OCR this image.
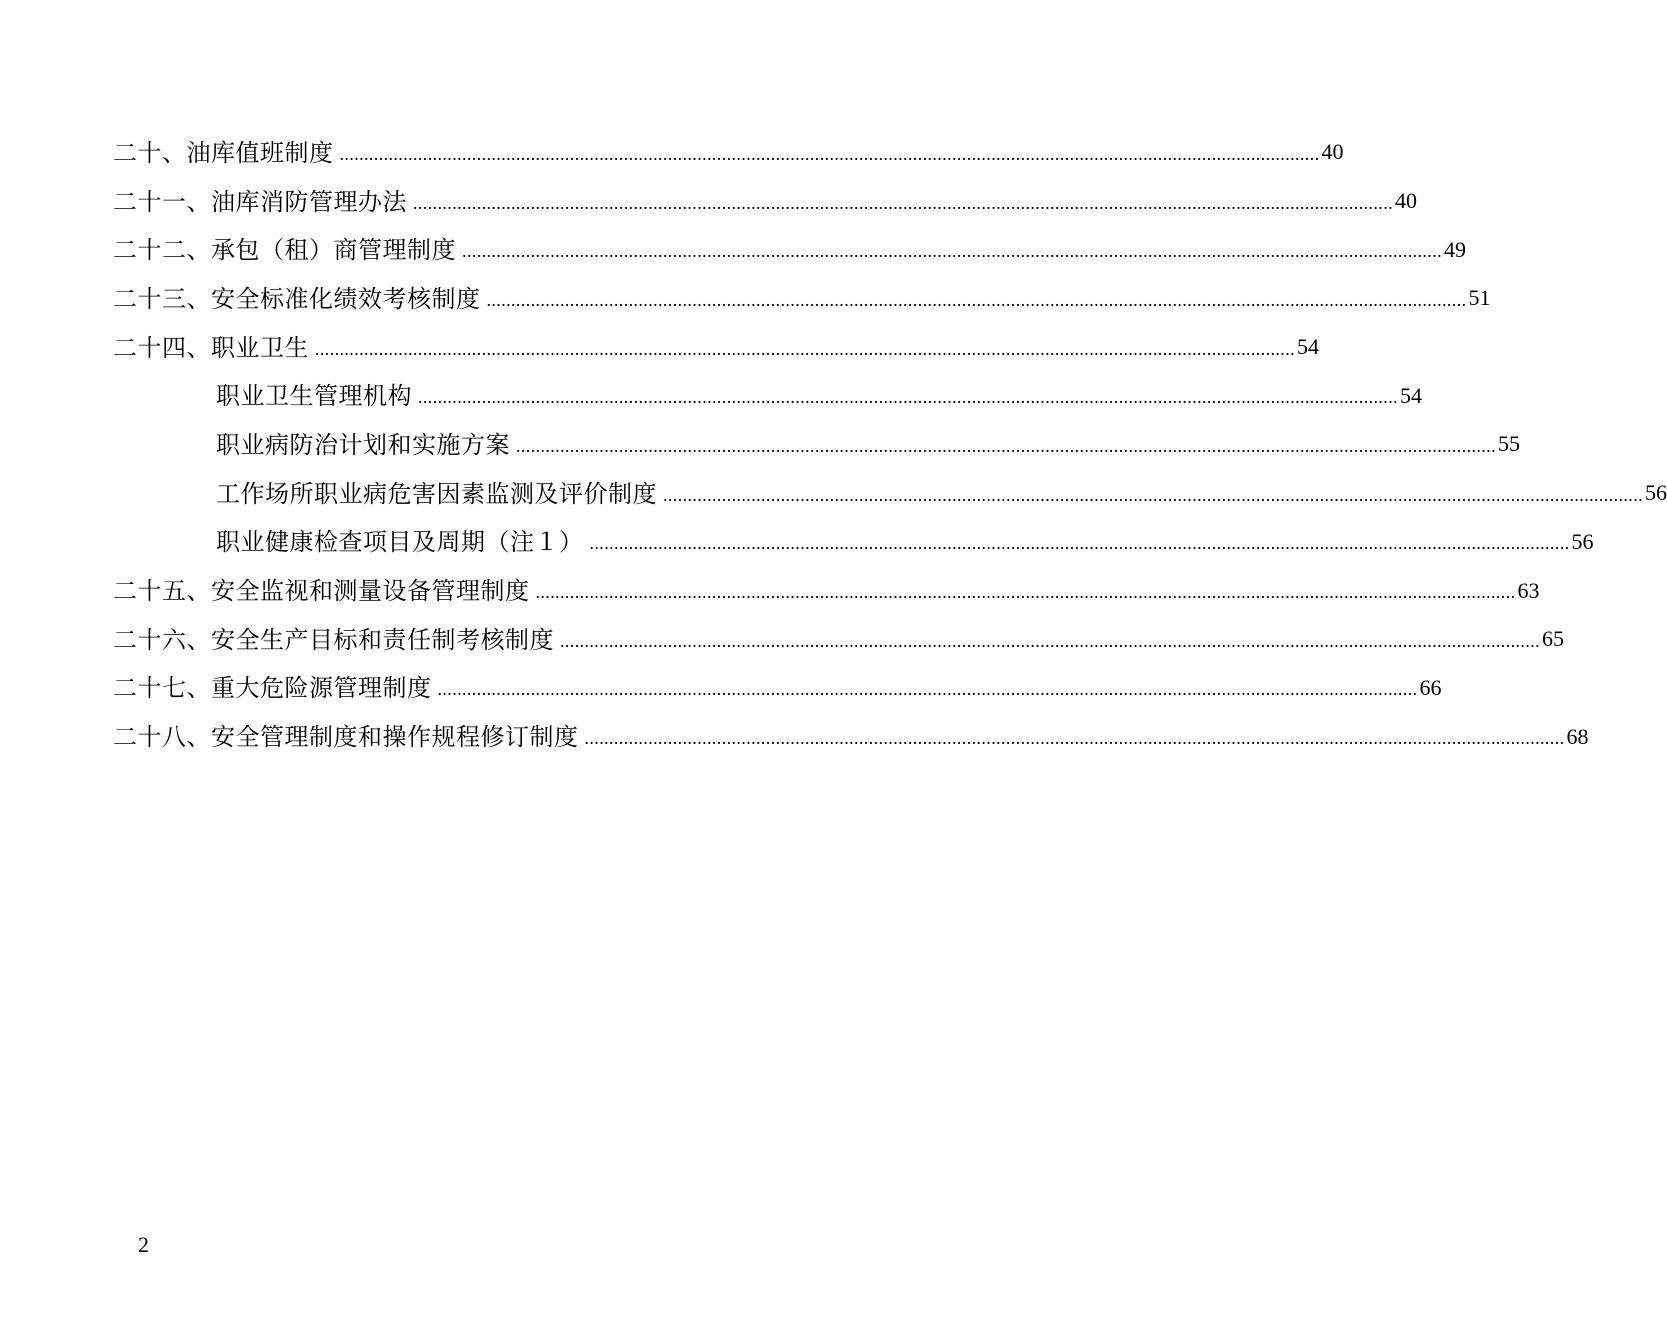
二十、油库值班制度 ........................................................................................................................................................................................................ 40
二十一、油库消防管理办法 ........................................................................................................................................................................................................ 40
二十二、承包（租）商管理制度 ........................................................................................................................................................................................................ 49
二十三、安全标准化绩效考核制度 ........................................................................................................................................................................................................ 51
二十四、职业卫生 ........................................................................................................................................................................................................ 54
职业卫生管理机构 ........................................................................................................................................................................................................ 54
职业病防治计划和实施方案 ........................................................................................................................................................................................................ 55
工作场所职业病危害因素监测及评价制度 ........................................................................................................................................................................................................ 56
职业健康检查项目及周期（注１） ........................................................................................................................................................................................................ 56
二十五、安全监视和测量设备管理制度 ........................................................................................................................................................................................................ 63
二十六、安全生产目标和责任制考核制度 ........................................................................................................................................................................................................ 65
二十七、重大危险源管理制度 ........................................................................................................................................................................................................ 66
二十八、安全管理制度和操作规程修订制度 ........................................................................................................................................................................................................ 68
2
